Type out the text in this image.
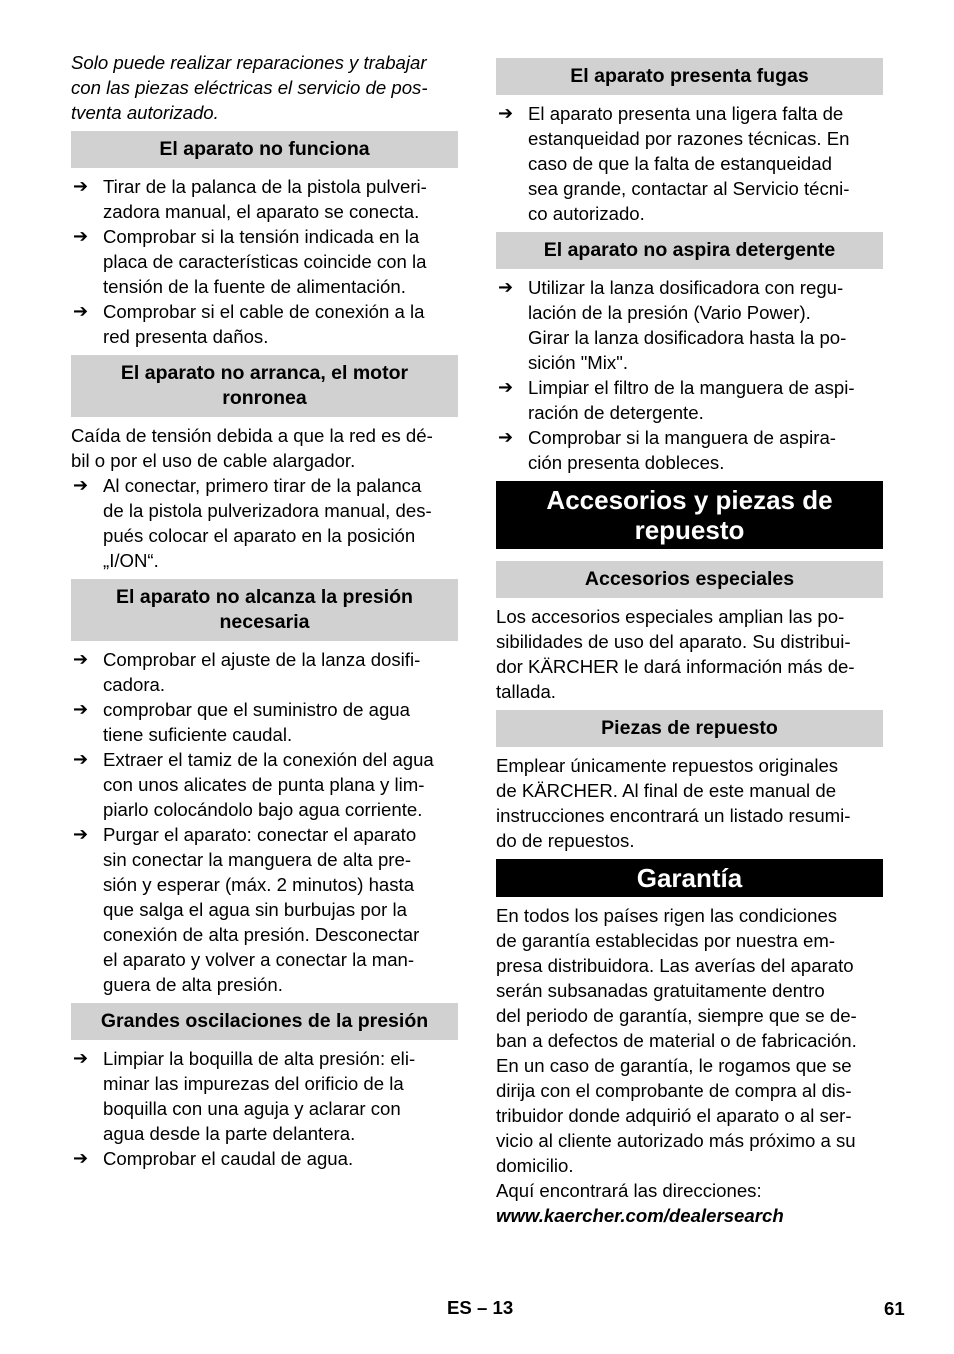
Solo puede realizar reparaciones y trabajar
con las piezas eléctricas el servicio de pos-
tventa autorizado.
El aparato no funciona
➔ Tirar de la palanca de la pistola pulveri-
zadora manual, el aparato se conecta.
➔ Comprobar si la tensión indicada en la
placa de características coincide con la
tensión de la fuente de alimentación.
➔ Comprobar si el cable de conexión a la
red presenta daños.
El aparato no arranca, el motor
ronronea
Caída de tensión debida a que la red es dé-
bil o por el uso de cable alargador.
➔ Al conectar, primero tirar de la palanca
de la pistola pulverizadora manual, des-
pués colocar el aparato en la posición
„I/ON“.
El aparato no alcanza la presión
necesaria
➔ Comprobar el ajuste de la lanza dosifi-
cadora.
➔ comprobar que el suministro de agua
tiene suficiente caudal.
➔ Extraer el tamiz de la conexión del agua
con unos alicates de punta plana y lim-
piarlo colocándolo bajo agua corriente.
➔ Purgar el aparato: conectar el aparato
sin conectar la manguera de alta pre-
sión y esperar (máx. 2 minutos) hasta
que salga el agua sin burbujas por la
conexión de alta presión. Desconectar
el aparato y volver a conectar la man-
guera de alta presión.
Grandes oscilaciones de la presión
➔ Limpiar la boquilla de alta presión: eli-
minar las impurezas del orificio de la
boquilla con una aguja y aclarar con
agua desde la parte delantera.
➔ Comprobar el caudal de agua.
El aparato presenta fugas
➔ El aparato presenta una ligera falta de
estanqueidad por razones técnicas. En
caso de que la falta de estanqueidad
sea grande, contactar al Servicio técni-
co autorizado.
El aparato no aspira detergente
➔ Utilizar la lanza dosificadora con regu-
lación de la presión (Vario Power).
Girar la lanza dosificadora hasta la po-
sición "Mix".
➔ Limpiar el filtro de la manguera de aspi-
ración de detergente.
➔ Comprobar si la manguera de aspira-
ción presenta dobleces.
Accesorios y piezas de
repuesto
Accesorios especiales
Los accesorios especiales amplian las po-
sibilidades de uso del aparato. Su distribui-
dor KÄRCHER le dará información más de-
tallada.
Piezas de repuesto
Emplear únicamente repuestos originales
de KÄRCHER. Al final de este manual de
instrucciones encontrará un listado resumi-
do de repuestos.
Garantía
En todos los países rigen las condiciones
de garantía establecidas por nuestra em-
presa distribuidora. Las averías del aparato
serán subsanadas gratuitamente dentro
del periodo de garantía, siempre que se de-
ban a defectos de material o de fabricación.
En un caso de garantía, le rogamos que se
dirija con el comprobante de compra al dis-
tribuidor donde adquirió el aparato o al ser-
vicio al cliente autorizado más próximo a su
domicilio.
Aquí encontrará las direcciones:
www.kaercher.com/dealersearch
ES – 13	61
